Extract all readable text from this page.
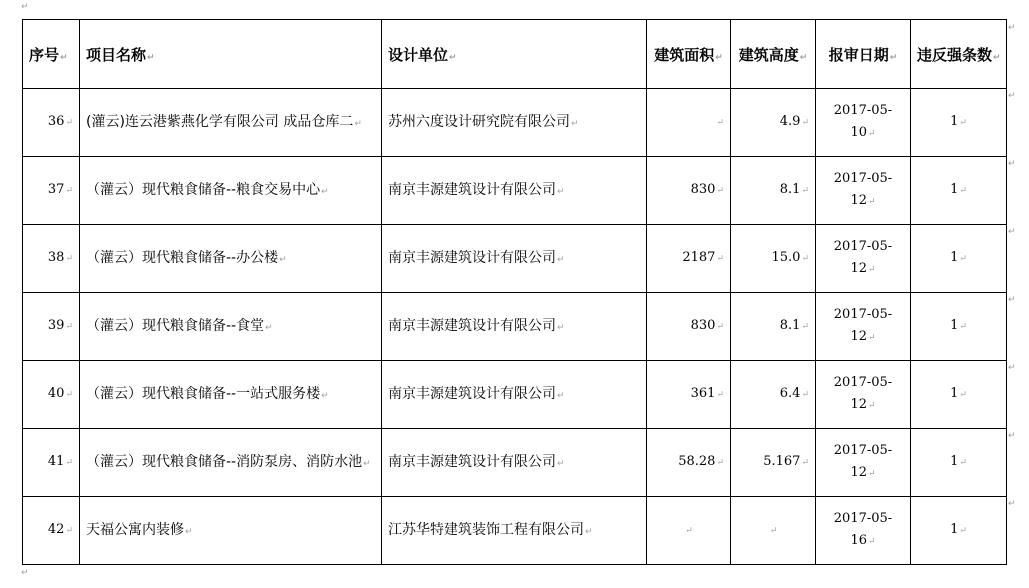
↵
序号↵	项目名称↵	设计单位↵	建筑面积↵	建筑高度↵	报审日期↵	违反强条数↵
36↵	(灌云)连云港紫燕化学有限公司 成品仓库二↵	苏州六度设计研究院有限公司↵	↵	4.9↵	2017-05-10↵	1↵
37↵	（灌云）现代粮食储备--粮食交易中心↵	南京丰源建筑设计有限公司↵	830↵	8.1↵	2017-05-12↵	1↵
38↵	（灌云）现代粮食储备--办公楼↵	南京丰源建筑设计有限公司↵	2187↵	15.0↵	2017-05-12↵	1↵
39↵	（灌云）现代粮食储备--食堂↵	南京丰源建筑设计有限公司↵	830↵	8.1↵	2017-05-12↵	1↵
40↵	（灌云）现代粮食储备--一站式服务楼↵	南京丰源建筑设计有限公司↵	361↵	6.4↵	2017-05-12↵	1↵
41↵	（灌云）现代粮食储备--消防泵房、消防水池↵	南京丰源建筑设计有限公司↵	58.28↵	5.167↵	2017-05-12↵	1↵
42↵	天福公寓内装修↵	江苏华特建筑装饰工程有限公司↵	↵	↵	2017-05-16↵	1↵
↵
↵
↵
↵
↵
↵
↵
↵
↵
